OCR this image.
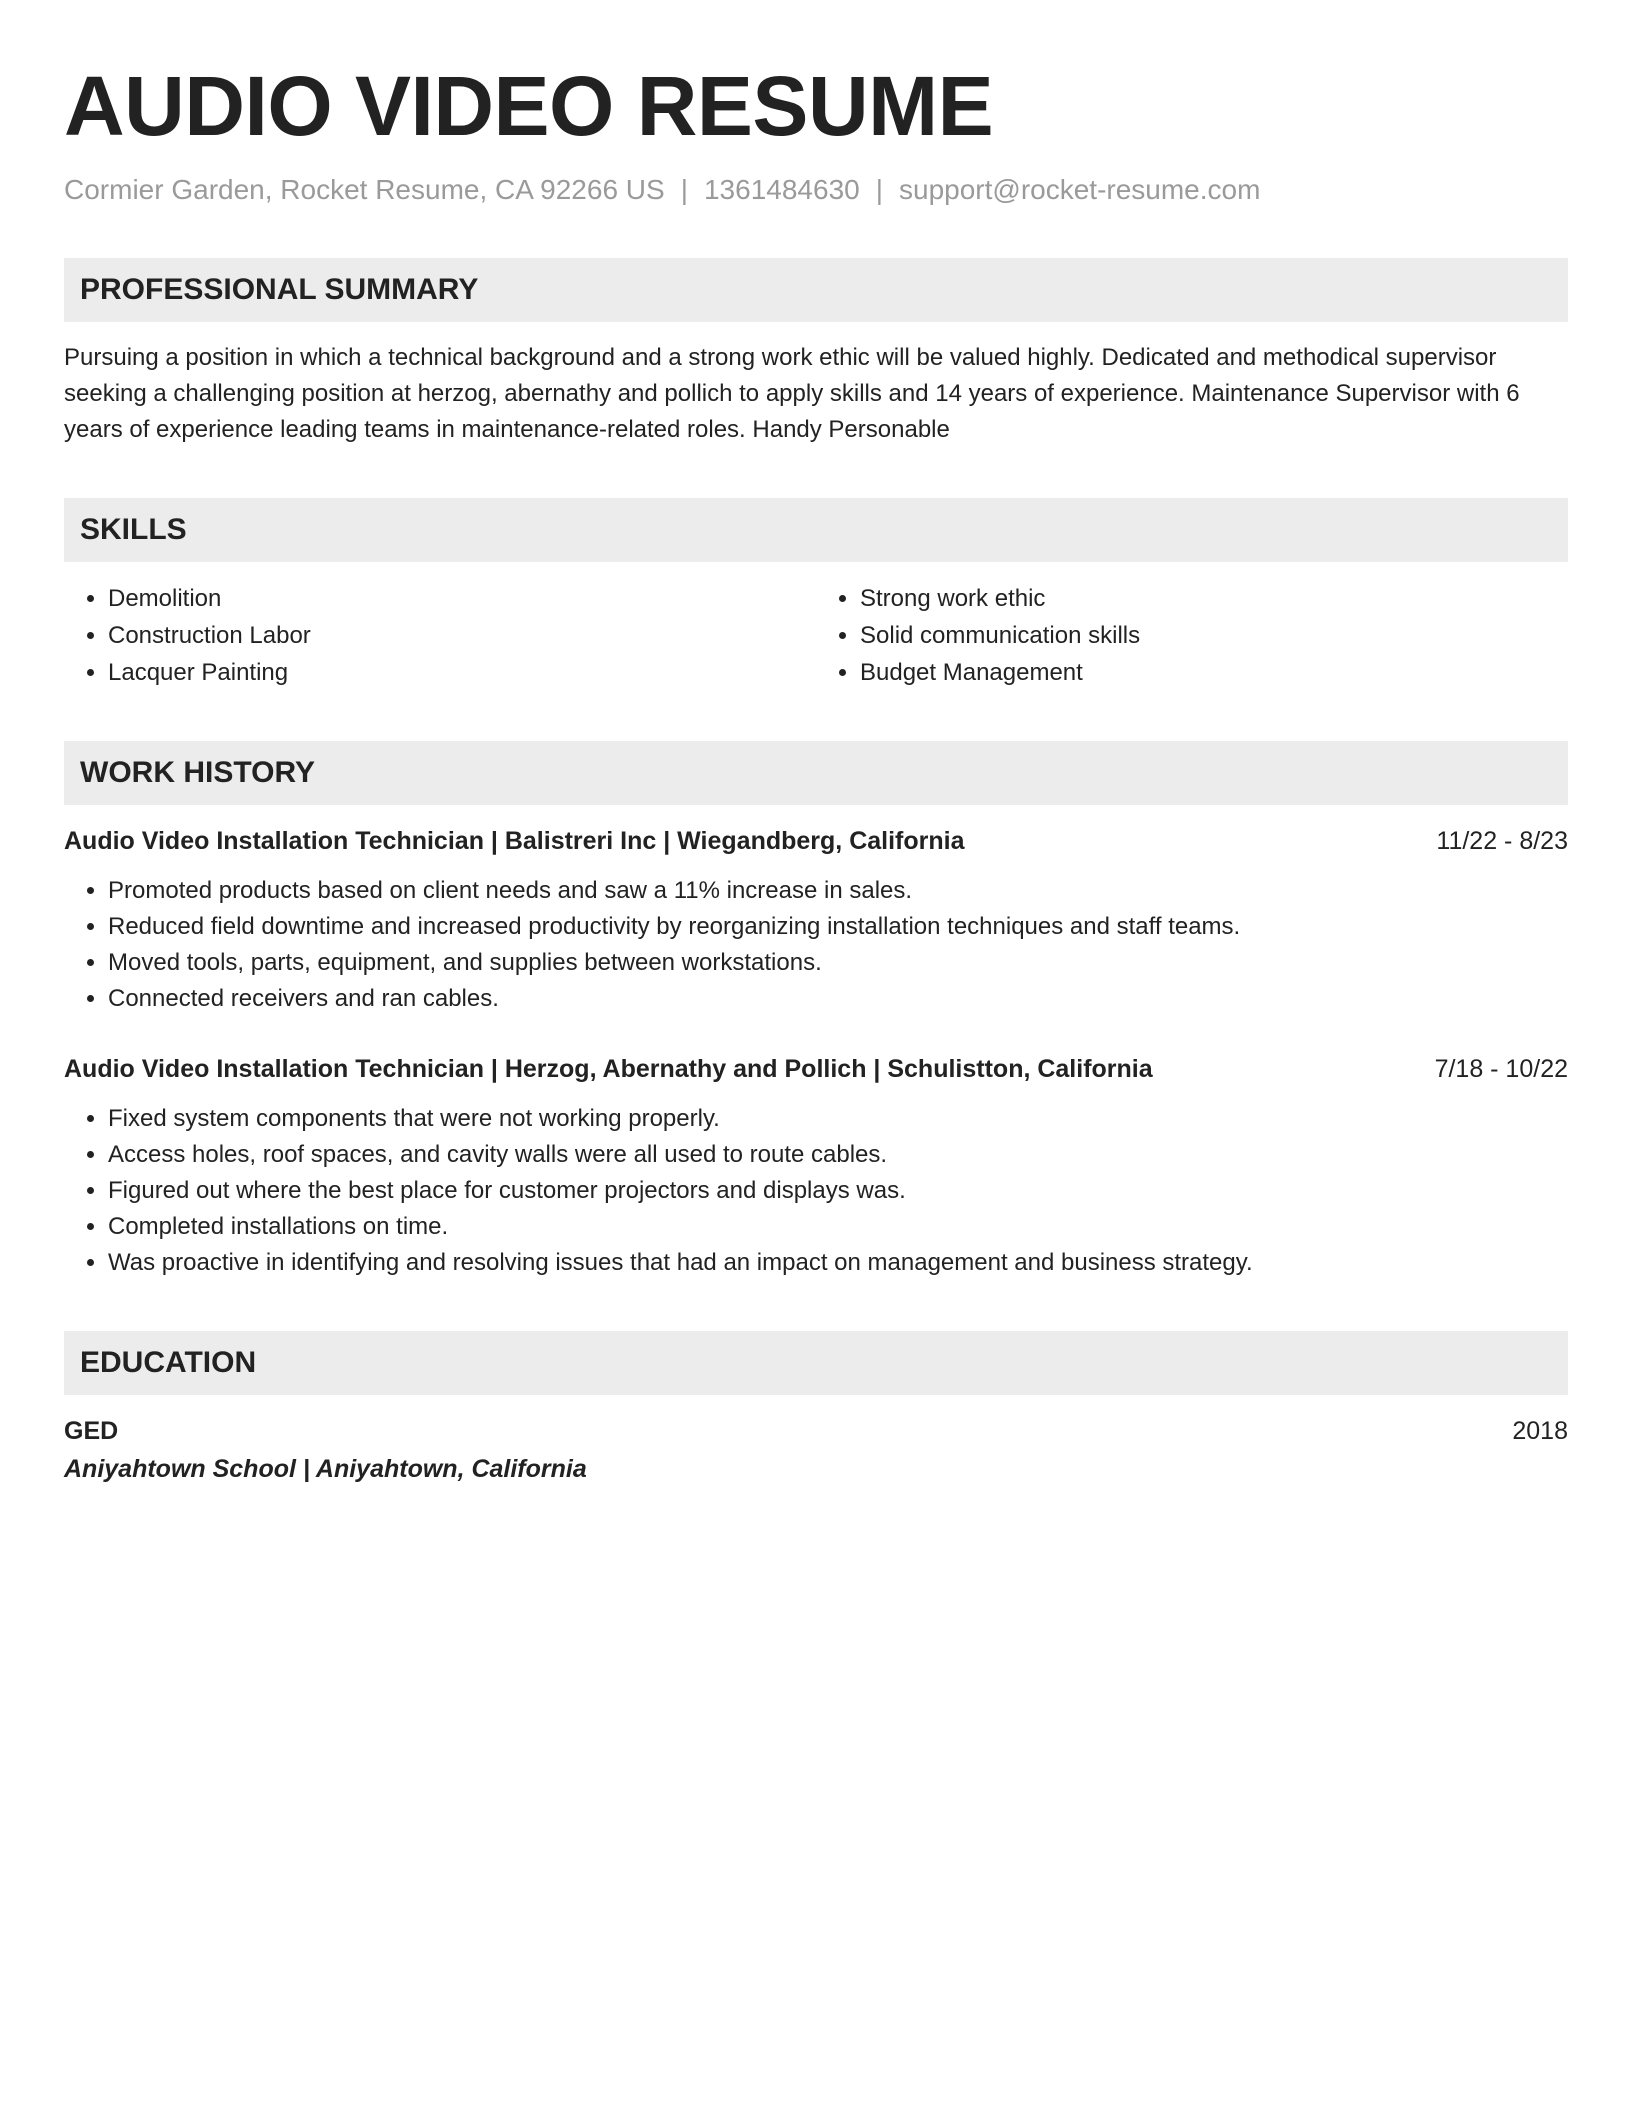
AUDIO VIDEO RESUME
Cormier Garden, Rocket Resume, CA 92266 US | 1361484630 | support@rocket-resume.com
PROFESSIONAL SUMMARY
Pursuing a position in which a technical background and a strong work ethic will be valued highly. Dedicated and methodical supervisor seeking a challenging position at herzog, abernathy and pollich to apply skills and 14 years of experience. Maintenance Supervisor with 6 years of experience leading teams in maintenance-related roles. Handy Personable
SKILLS
• Demolition
• Construction Labor
• Lacquer Painting
• Strong work ethic
• Solid communication skills
• Budget Management
WORK HISTORY
Audio Video Installation Technician | Balistreri Inc | Wiegandberg, California	11/22 - 8/23
• Promoted products based on client needs and saw a 11% increase in sales.
• Reduced field downtime and increased productivity by reorganizing installation techniques and staff teams.
• Moved tools, parts, equipment, and supplies between workstations.
• Connected receivers and ran cables.
Audio Video Installation Technician | Herzog, Abernathy and Pollich | Schulistton, California	7/18 - 10/22
• Fixed system components that were not working properly.
• Access holes, roof spaces, and cavity walls were all used to route cables.
• Figured out where the best place for customer projectors and displays was.
• Completed installations on time.
• Was proactive in identifying and resolving issues that had an impact on management and business strategy.
EDUCATION
GED	2018
Aniyahtown School | Aniyahtown, California
